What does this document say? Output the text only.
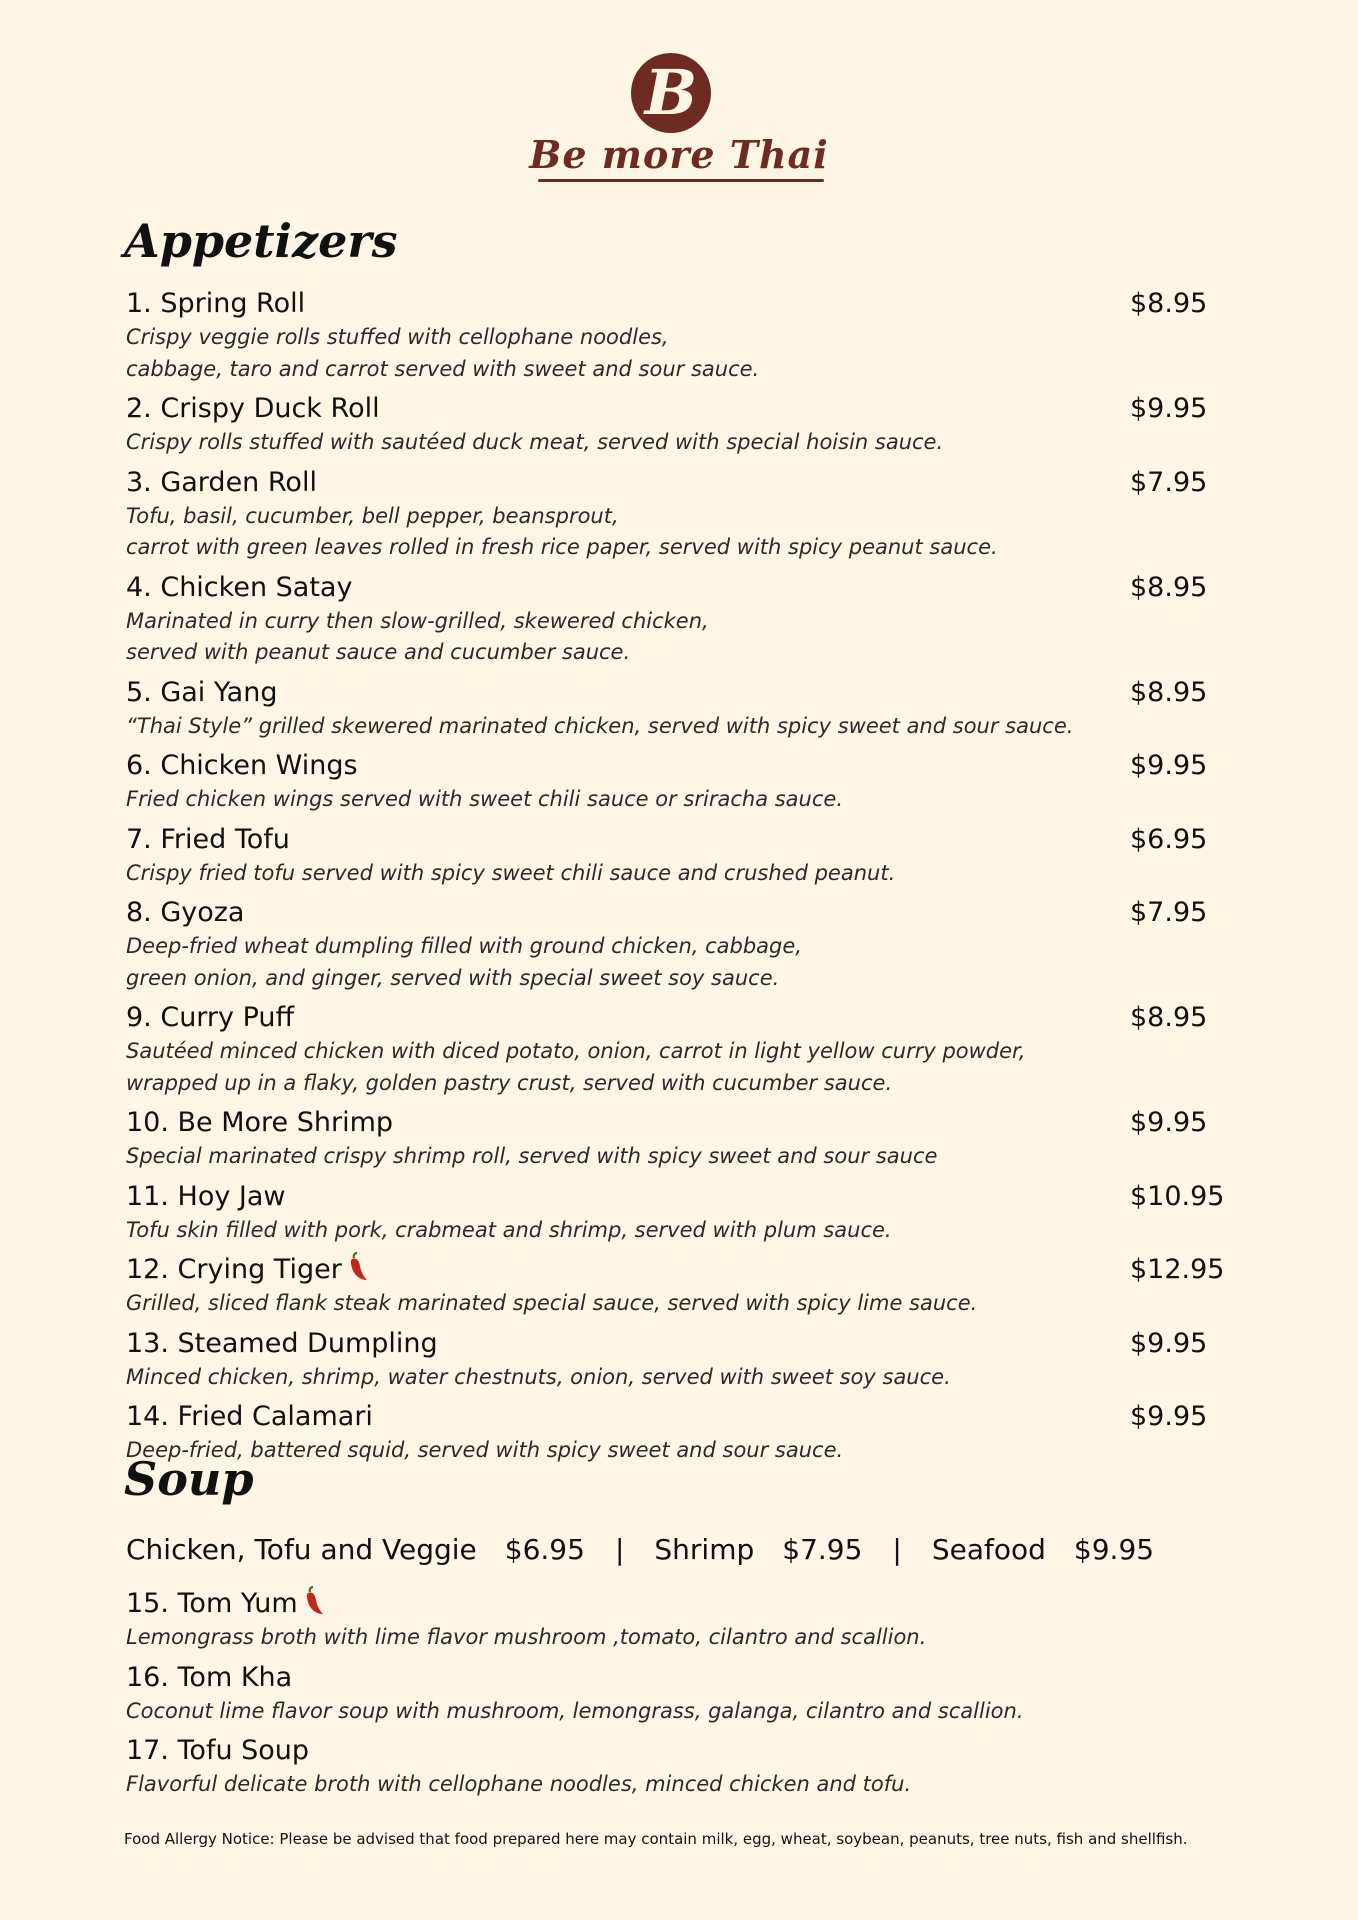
B
Be more Thai
Appetizers
1. Spring Roll	$8.95
Crispy veggie rolls stuffed with cellophane noodles,
cabbage, taro and carrot served with sweet and sour sauce.
2. Crispy Duck Roll	$9.95
Crispy rolls stuffed with sautéed duck meat, served with special hoisin sauce.
3. Garden Roll	$7.95
Tofu, basil, cucumber, bell pepper, beansprout,
carrot with green leaves rolled in fresh rice paper, served with spicy peanut sauce.
4. Chicken Satay	$8.95
Marinated in curry then slow-grilled, skewered chicken,
served with peanut sauce and cucumber sauce.
5. Gai Yang	$8.95
“Thai Style” grilled skewered marinated chicken, served with spicy sweet and sour sauce.
6. Chicken Wings	$9.95
Fried chicken wings served with sweet chili sauce or sriracha sauce.
7. Fried Tofu	$6.95
Crispy fried tofu served with spicy sweet chili sauce and crushed peanut.
8. Gyoza	$7.95
Deep-fried wheat dumpling filled with ground chicken, cabbage,
green onion, and ginger, served with special sweet soy sauce.
9. Curry Puff	$8.95
Sautéed minced chicken with diced potato, onion, carrot in light yellow curry powder,
wrapped up in a flaky, golden pastry crust, served with cucumber sauce.
10. Be More Shrimp	$9.95
Special marinated crispy shrimp roll, served with spicy sweet and sour sauce
11. Hoy Jaw	$10.95
Tofu skin filled with pork, crabmeat and shrimp, served with plum sauce.
12. Crying Tiger	$12.95
Grilled, sliced flank steak marinated special sauce, served with spicy lime sauce.
13. Steamed Dumpling	$9.95
Minced chicken, shrimp, water chestnuts, onion, served with sweet soy sauce.
14. Fried Calamari	$9.95
Deep-fried, battered squid, served with spicy sweet and sour sauce.
Soup
Chicken, Tofu and Veggie $6.95 | Shrimp $7.95 | Seafood $9.95
15. Tom Yum
Lemongrass broth with lime flavor mushroom ,tomato, cilantro and scallion.
16. Tom Kha
Coconut lime flavor soup with mushroom, lemongrass, galanga, cilantro and scallion.
17. Tofu Soup
Flavorful delicate broth with cellophane noodles, minced chicken and tofu.
Food Allergy Notice: Please be advised that food prepared here may contain milk, egg, wheat, soybean, peanuts, tree nuts, fish and shellfish.
